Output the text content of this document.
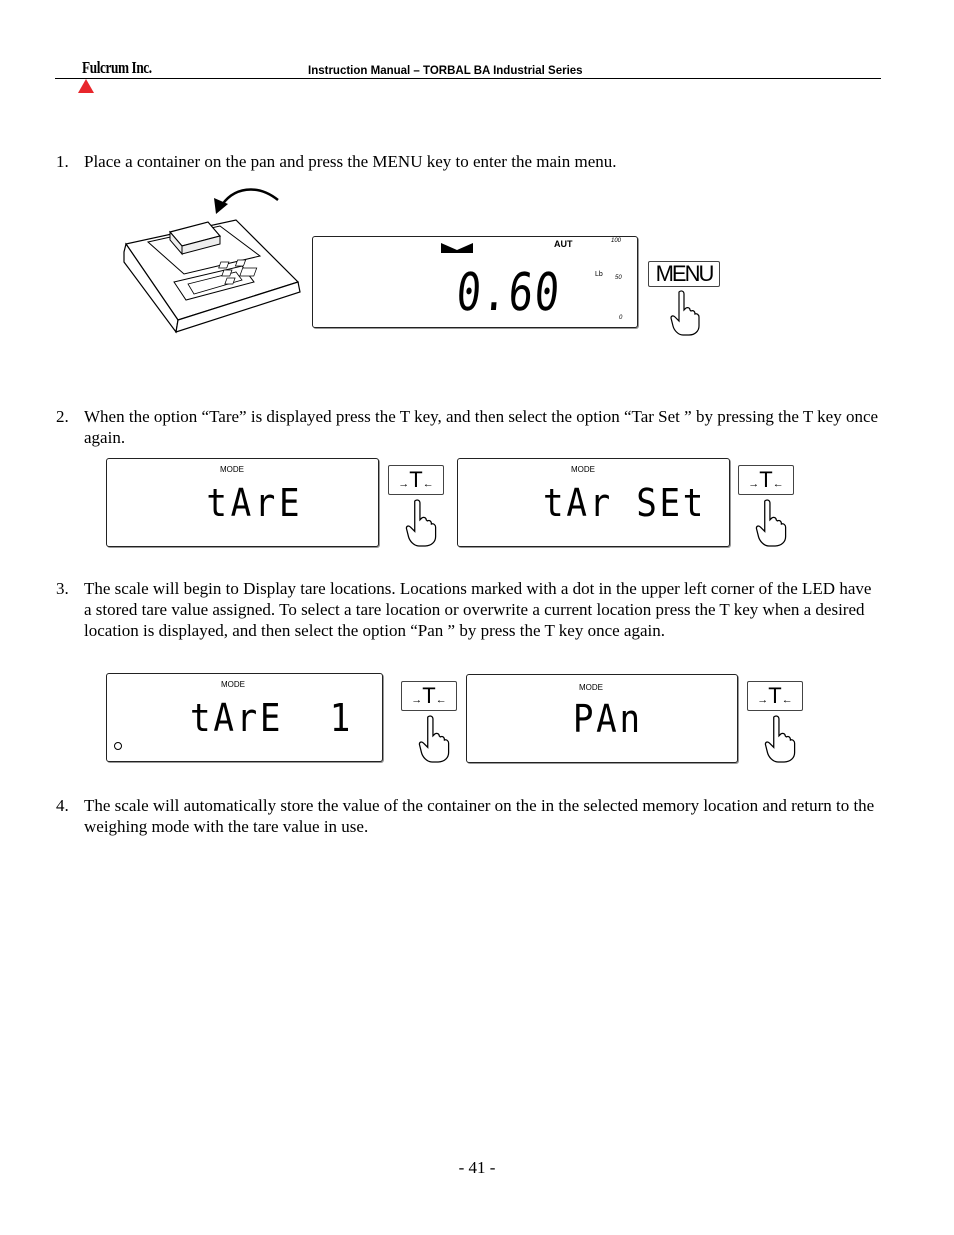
Fulcrum Inc.	Instruction Manual – TORBAL BA Industrial Series
1. Place a container on the pan and press the MENU key to enter the main menu.
AUT	100
Lb 50
0
0.60	MENU
2. When the option “Tare” is displayed press the T key, and then select the option “Tar Set ” by pressing the T key once again.
MODE
tArE	→T←
MODE
tAr SEt	→T←
3. The scale will begin to Display tare locations. Locations marked with a dot in the upper left corner of the LED have a stored tare value assigned. To select a tare location or overwrite a current location press the T key when a desired location is displayed, and then select the option “Pan ” by press the T key once again.
MODE
tArE  1	→T←
MODE
PAn	→T←
4. The scale will automatically store the value of the container on the in the selected memory location and return to the weighing mode with the tare value in use.
- 41 -
